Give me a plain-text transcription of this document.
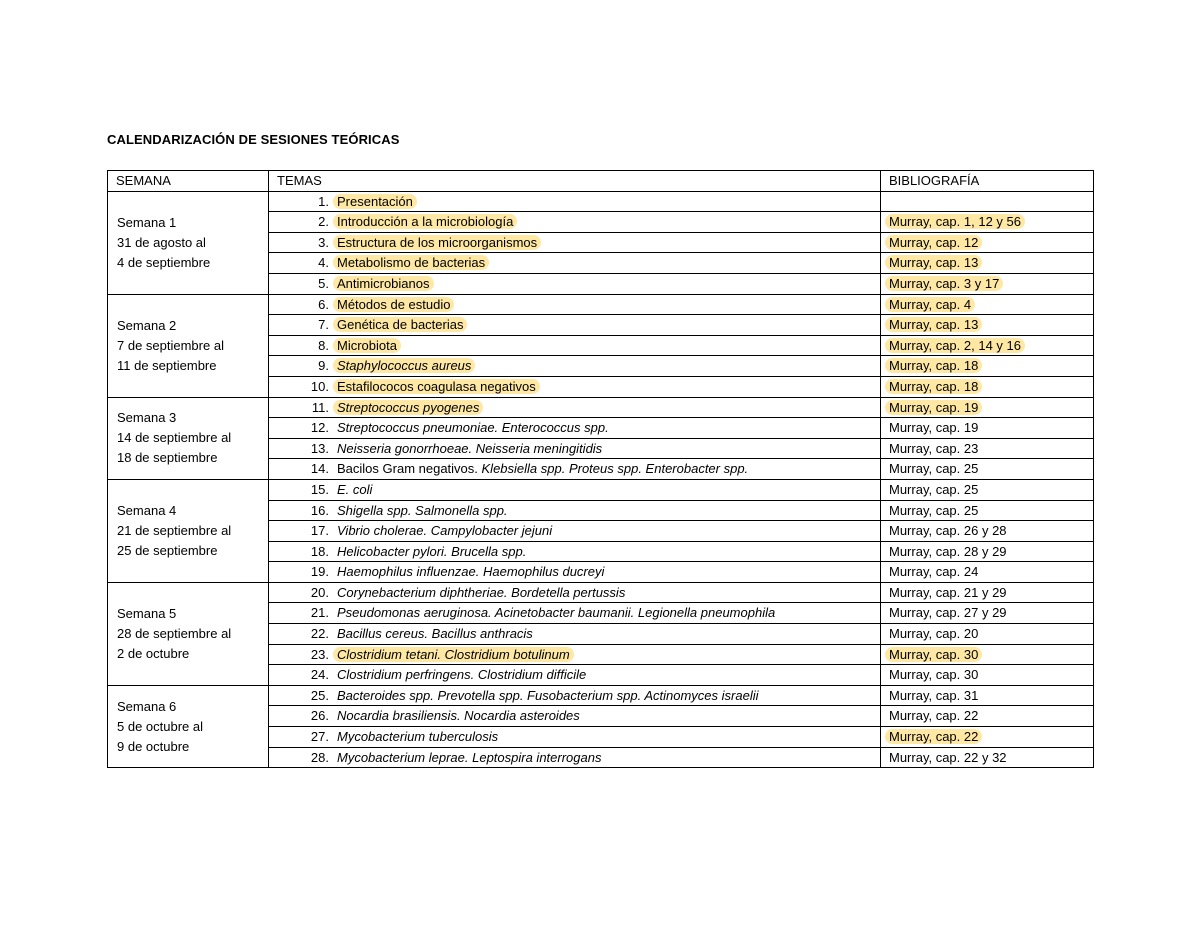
CALENDARIZACIÓN DE SESIONES TEÓRICAS
SEMANA	TEMAS	BIBLIOGRAFÍA

Semana 1
31 de agosto al
4 de septiembre	1. Presentación	
	2. Introducción a la microbiología	Murray, cap. 1, 12 y 56
	3. Estructura de los microorganismos	Murray, cap. 12
	4. Metabolismo de bacterias	Murray, cap. 13
	5. Antimicrobianos	Murray, cap. 3 y 17

Semana 2
7 de septiembre al
11 de septiembre	6. Métodos de estudio	Murray, cap. 4
	7. Genética de bacterias	Murray, cap. 13
	8. Microbiota	Murray, cap. 2, 14 y 16
	9. Staphylococcus aureus	Murray, cap. 18
	10. Estafilococos coagulasa negativos	Murray, cap. 18

Semana 3
14 de septiembre al
18 de septiembre	11. Streptococcus pyogenes	Murray, cap. 19
	12. Streptococcus pneumoniae. Enterococcus spp.	Murray, cap. 19
	13. Neisseria gonorrhoeae. Neisseria meningitidis	Murray, cap. 23
	14. Bacilos Gram negativos. Klebsiella spp. Proteus spp. Enterobacter spp.	Murray, cap. 25

Semana 4
21 de septiembre al
25 de septiembre	15. E. coli	Murray, cap. 25
	16. Shigella spp. Salmonella spp.	Murray, cap. 25
	17. Vibrio cholerae. Campylobacter jejuni	Murray, cap. 26 y 28
	18. Helicobacter pylori. Brucella spp.	Murray, cap. 28 y 29
	19. Haemophilus influenzae. Haemophilus ducreyi	Murray, cap. 24

Semana 5
28 de septiembre al
2 de octubre	20. Corynebacterium diphtheriae. Bordetella pertussis	Murray, cap. 21 y 29
	21. Pseudomonas aeruginosa. Acinetobacter baumanii. Legionella pneumophila	Murray, cap. 27 y 29
	22. Bacillus cereus. Bacillus anthracis	Murray, cap. 20
	23. Clostridium tetani. Clostridium botulinum	Murray, cap. 30
	24. Clostridium perfringens. Clostridium difficile	Murray, cap. 30

Semana 6
5 de octubre al
9 de octubre	25. Bacteroides spp. Prevotella spp. Fusobacterium spp. Actinomyces israelii	Murray, cap. 31
	26. Nocardia brasiliensis. Nocardia asteroides	Murray, cap. 22
	27. Mycobacterium tuberculosis	Murray, cap. 22
	28. Mycobacterium leprae. Leptospira interrogans	Murray, cap. 22 y 32
